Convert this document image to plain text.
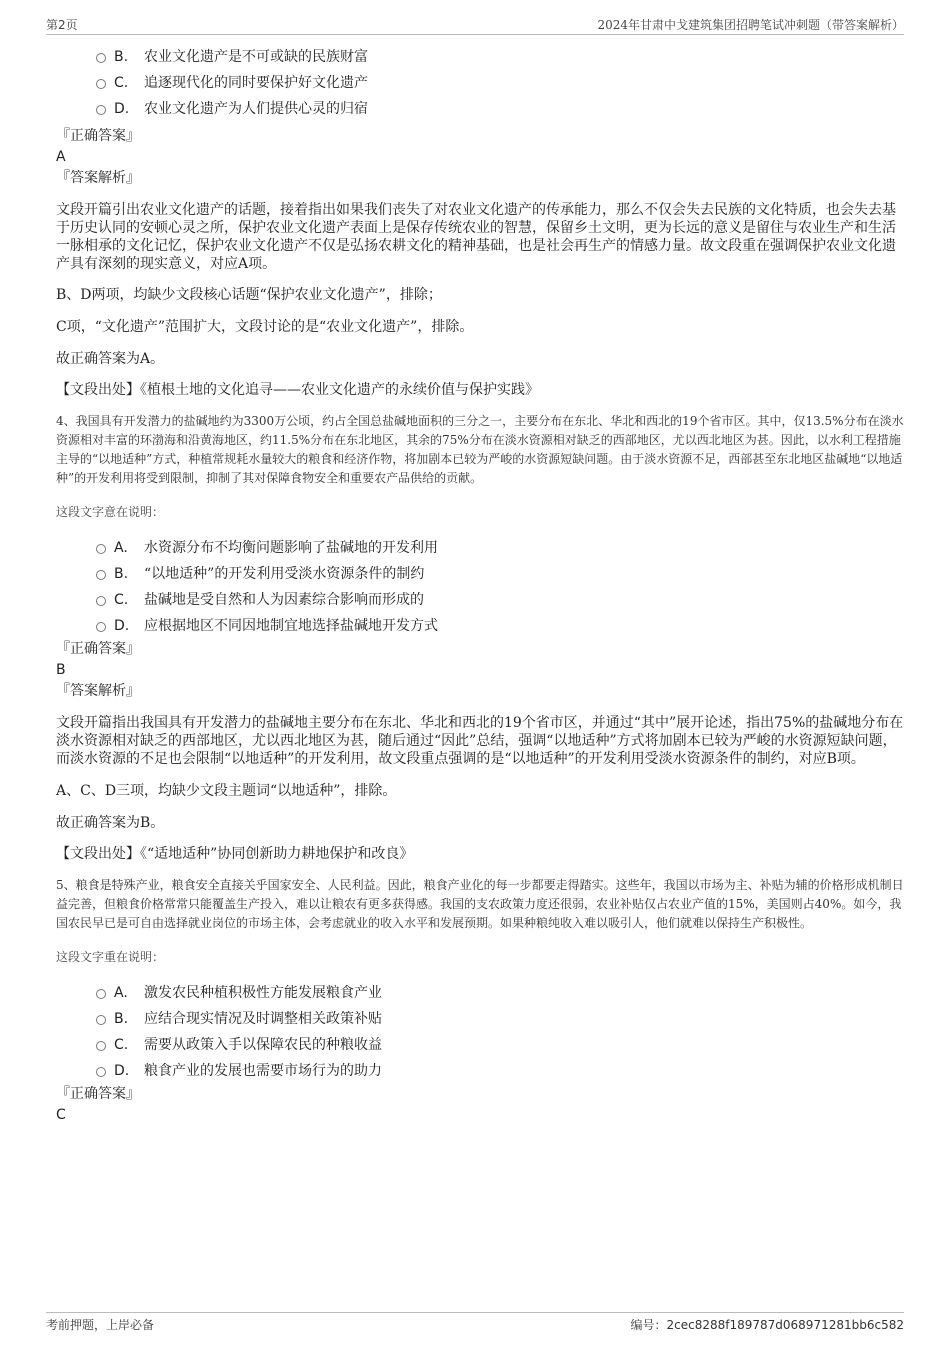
第2页	2024年甘肃中戈建筑集团招聘笔试冲刺题（带答案解析）
B. 农业文化遗产是不可或缺的民族财富
C. 追逐现代化的同时要保护好文化遗产
D. 农业文化遗产为人们提供心灵的归宿

『正确答案』

A

『答案解析』

文段开篇引出农业文化遗产的话题，接着指出如果我们丧失了对农业文化遗产的传承能力，那么不仅会失去民族的文化特质，也会失去基于历史认同的安顿心灵之所，保护农业文化遗产表面上是保存传统农业的智慧，保留乡土文明，更为长远的意义是留住与农业生产和生活一脉相承的文化记忆，保护农业文化遗产不仅是弘扬农耕文化的精神基础，也是社会再生产的情感力量。故文段重在强调保护农业文化遗产具有深刻的现实意义，对应A项。

B、D两项，均缺少文段核心话题“保护农业文化遗产”，排除；

C项，“文化遗产”范围扩大，文段讨论的是“农业文化遗产”，排除。

故正确答案为A。

【文段出处】《植根土地的文化追寻——农业文化遗产的永续价值与保护实践》

4、我国具有开发潜力的盐碱地约为3300万公顷，约占全国总盐碱地面积的三分之一，主要分布在东北、华北和西北的19个省市区。其中，仅13.5%分布在淡水资源相对丰富的环渤海和沿黄海地区，约11.5%分布在东北地区，其余的75%分布在淡水资源相对缺乏的西部地区，尤以西北地区为甚。因此，以水利工程措施主导的“以地适种”方式，种植常规耗水量较大的粮食和经济作物，将加剧本已较为严峻的水资源短缺问题。由于淡水资源不足，西部甚至东北地区盐碱地“以地适种”的开发利用将受到限制，抑制了其对保障食物安全和重要农产品供给的贡献。

这段文字意在说明：

A. 水资源分布不均衡问题影响了盐碱地的开发利用
B. “以地适种”的开发利用受淡水资源条件的制约
C. 盐碱地是受自然和人为因素综合影响而形成的
D. 应根据地区不同因地制宜地选择盐碱地开发方式

『正确答案』

B

『答案解析』

文段开篇指出我国具有开发潜力的盐碱地主要分布在东北、华北和西北的19个省市区，并通过“其中”展开论述，指出75%的盐碱地分布在淡水资源相对缺乏的西部地区，尤以西北地区为甚，随后通过“因此”总结，强调“以地适种”方式将加剧本已较为严峻的水资源短缺问题，而淡水资源的不足也会限制“以地适种”的开发利用，故文段重点强调的是“以地适种”的开发利用受淡水资源条件的制约，对应B项。

A、C、D三项，均缺少文段主题词“以地适种”，排除。

故正确答案为B。

【文段出处】《“适地适种”协同创新助力耕地保护和改良》

5、粮食是特殊产业，粮食安全直接关乎国家安全、人民利益。因此，粮食产业化的每一步都要走得踏实。这些年，我国以市场为主、补贴为辅的价格形成机制日益完善，但粮食价格常常只能覆盖生产投入，难以让粮农有更多获得感。我国的支农政策力度还很弱，农业补贴仅占农业产值的15%，美国则占40%。如今，我国农民早已是可自由选择就业岗位的市场主体，会考虑就业的收入水平和发展预期。如果种粮纯收入难以吸引人，他们就难以保持生产积极性。

这段文字重在说明：

A. 激发农民种植积极性方能发展粮食产业
B. 应结合现实情况及时调整相关政策补贴
C. 需要从政策入手以保障农民的种粮收益
D. 粮食产业的发展也需要市场行为的助力

『正确答案』

C

考前押题，上岸必备	编号：2cec8288f189787d068971281bb6c582
